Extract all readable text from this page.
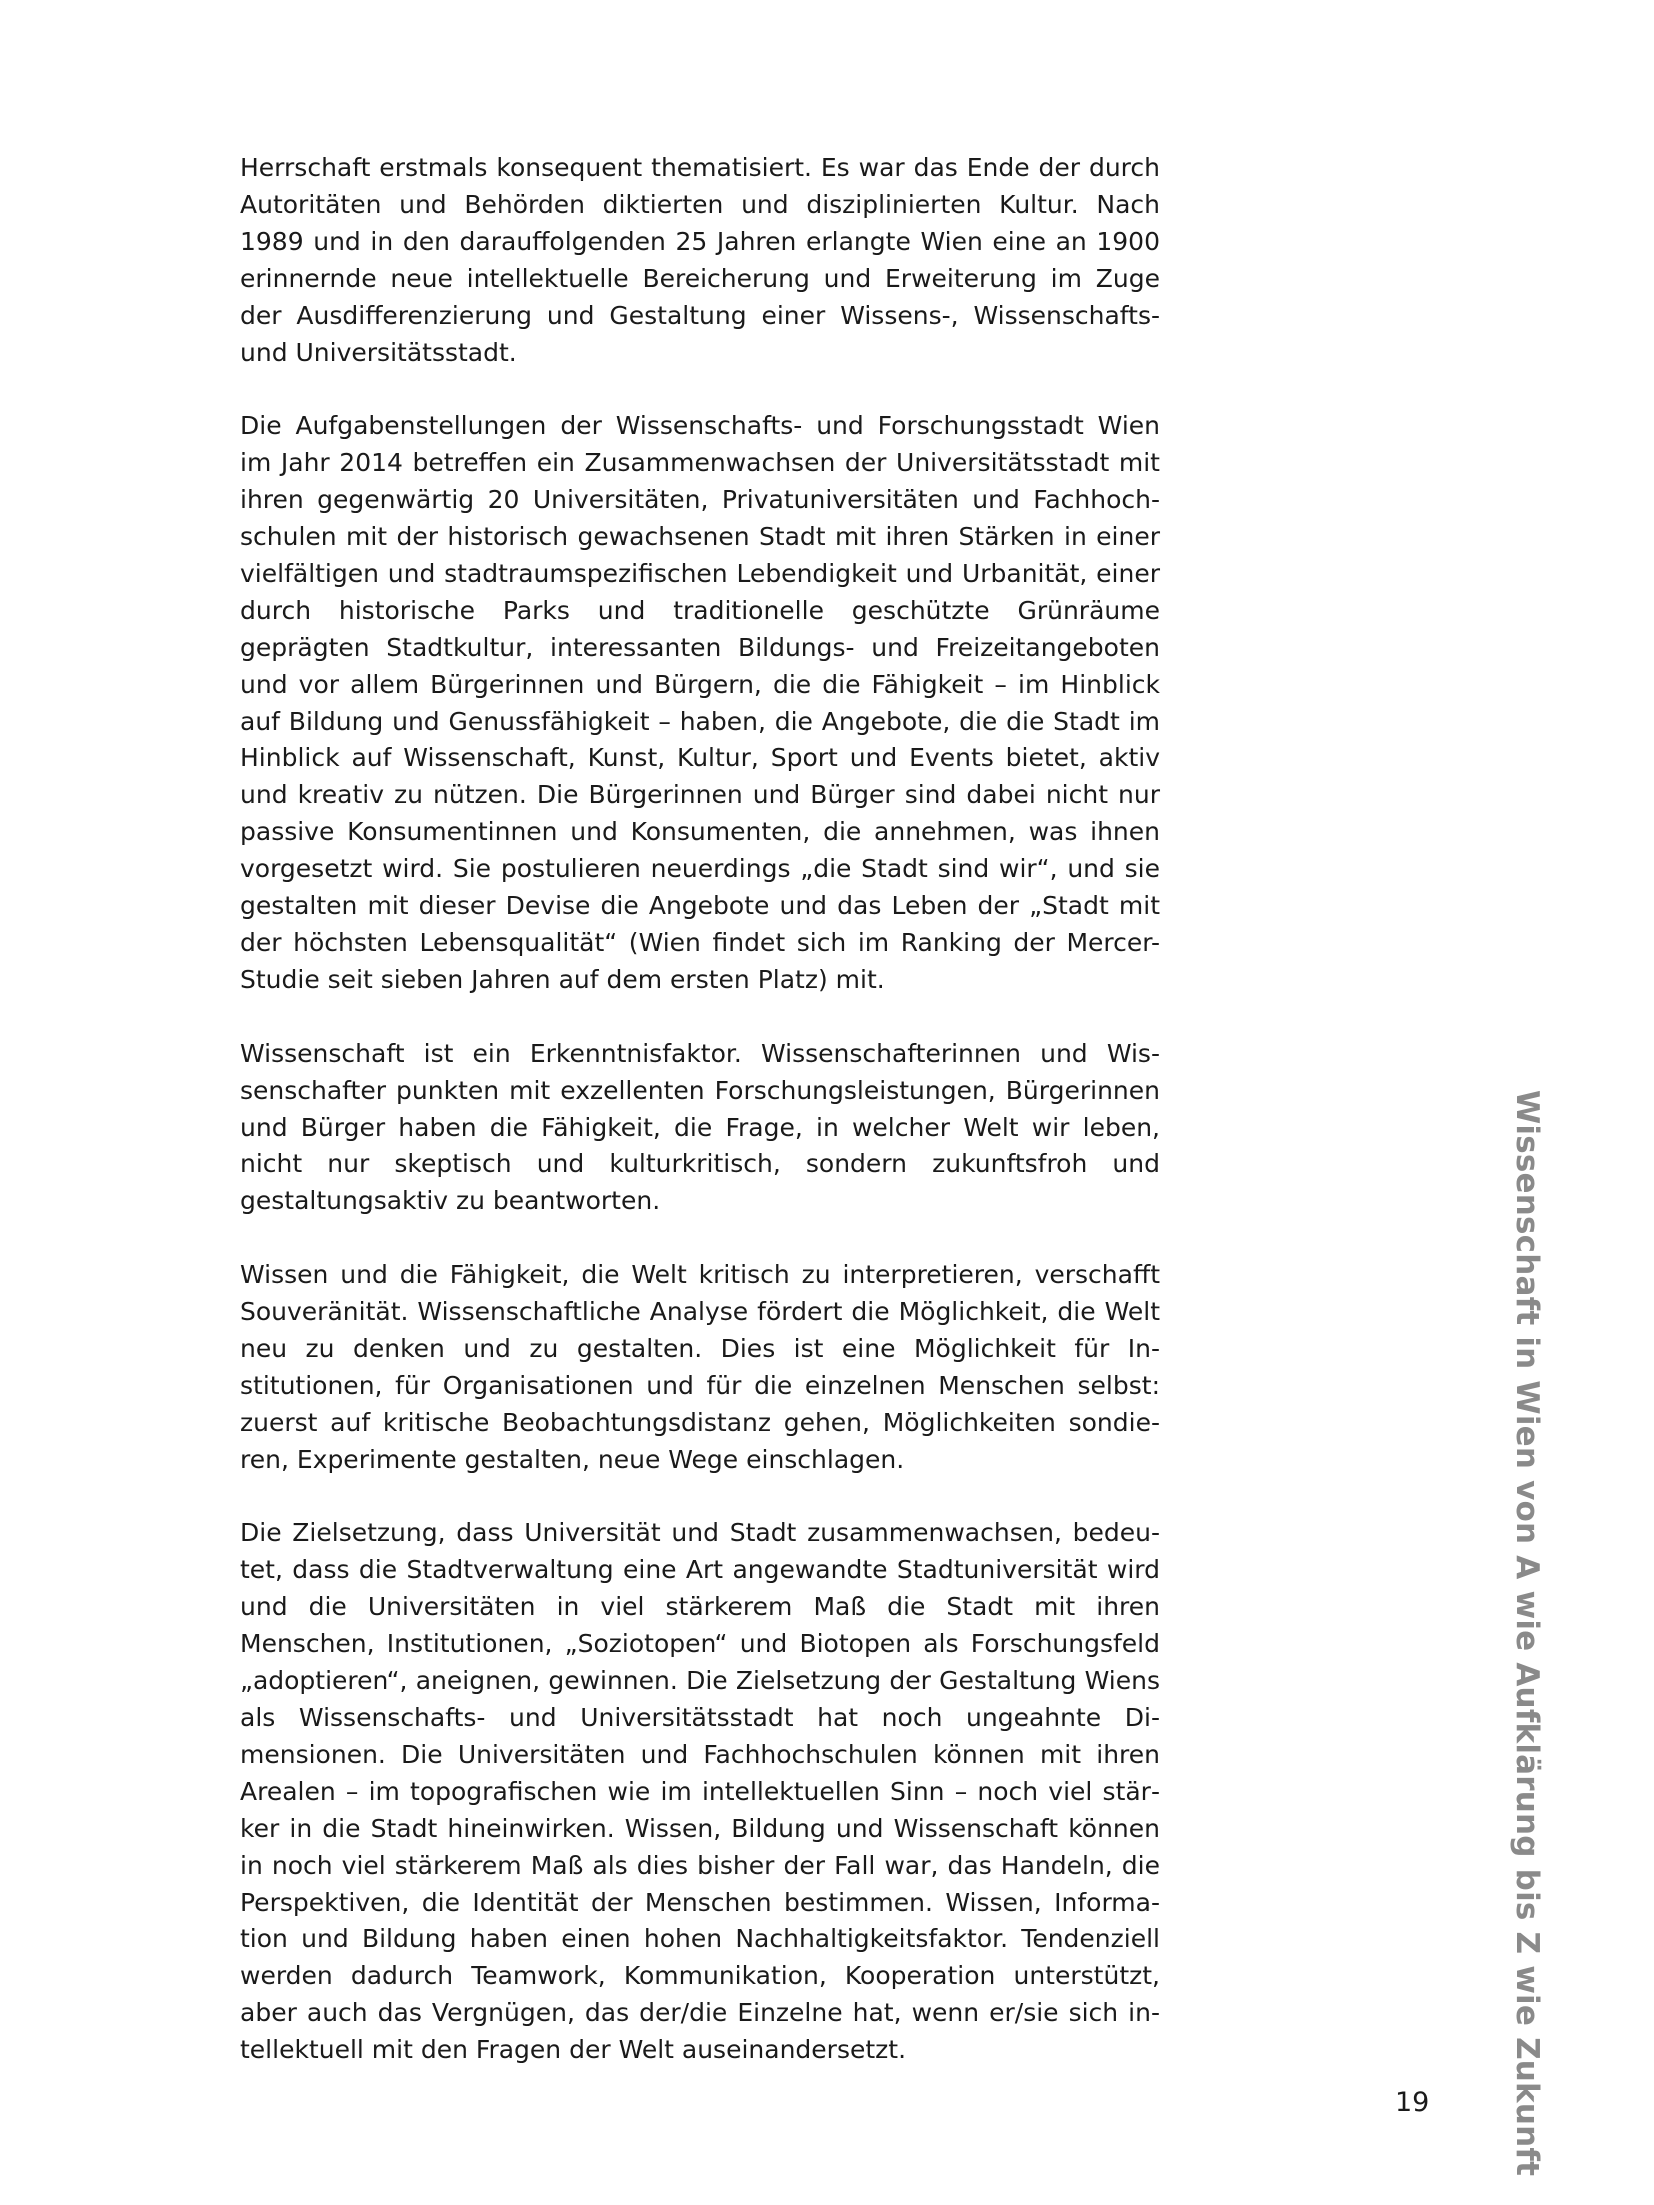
Herrschaft erstmals konsequent thematisiert. Es war das Ende der durch Autoritäten und Behörden diktierten und disziplinierten Kultur. Nach 1989 und in den darauffolgenden 25 Jahren erlangte Wien eine an 1900 erinnernde neue intellektuelle Bereicherung und Erweiterung im Zuge der Ausdifferenzierung und Gestaltung einer Wissens-, Wissenschafts- und Universitätsstadt.

Die Aufgabenstellungen der Wissenschafts- und Forschungsstadt Wien im Jahr 2014 betreffen ein Zusammenwachsen der Universitätsstadt mit ihren gegenwärtig 20 Universitäten, Privatuniversitäten und Fachhochschulen mit der historisch gewachsenen Stadt mit ihren Stärken in einer vielfältigen und stadtraumspezifischen Lebendigkeit und Urbanität, einer durch historische Parks und traditionelle geschützte Grünräume geprägten Stadtkultur, interessanten Bildungs- und Freizeitangeboten und vor allem Bürgerinnen und Bürgern, die die Fähigkeit – im Hinblick auf Bildung und Genussfähigkeit – haben, die Angebote, die die Stadt im Hinblick auf Wissenschaft, Kunst, Kultur, Sport und Events bietet, aktiv und kreativ zu nützen. Die Bürgerinnen und Bürger sind dabei nicht nur passive Konsumentinnen und Konsumenten, die annehmen, was ihnen vorgesetzt wird. Sie postulieren neuerdings „die Stadt sind wir“, und sie gestalten mit dieser Devise die Angebote und das Leben der „Stadt mit der höchsten Lebensqualität“ (Wien findet sich im Ranking der Mercer-Studie seit sieben Jahren auf dem ersten Platz) mit.

Wissenschaft ist ein Erkenntnisfaktor. Wissenschafterinnen und Wissenschafter punkten mit exzellenten Forschungsleistungen, Bürgerinnen und Bürger haben die Fähigkeit, die Frage, in welcher Welt wir leben, nicht nur skeptisch und kulturkritisch, sondern zukunftsfroh und gestaltungsaktiv zu beantworten.

Wissen und die Fähigkeit, die Welt kritisch zu interpretieren, verschafft Souveränität. Wissenschaftliche Analyse fördert die Möglichkeit, die Welt neu zu denken und zu gestalten. Dies ist eine Möglichkeit für Institutionen, für Organisationen und für die einzelnen Menschen selbst: zuerst auf kritische Beobachtungsdistanz gehen, Möglichkeiten sondieren, Experimente gestalten, neue Wege einschlagen.

Die Zielsetzung, dass Universität und Stadt zusammenwachsen, bedeutet, dass die Stadtverwaltung eine Art angewandte Stadtuniversität wird und die Universitäten in viel stärkerem Maß die Stadt mit ihren Menschen, Institutionen, „Soziotopen“ und Biotopen als Forschungsfeld „adoptieren“, aneignen, gewinnen. Die Zielsetzung der Gestaltung Wiens als Wissenschafts- und Universitätsstadt hat noch ungeahnte Dimensionen. Die Universitäten und Fachhochschulen können mit ihren Arealen – im topografischen wie im intellektuellen Sinn – noch viel stärker in die Stadt hineinwirken. Wissen, Bildung und Wissenschaft können in noch viel stärkerem Maß als dies bisher der Fall war, das Handeln, die Perspektiven, die Identität der Menschen bestimmen. Wissen, Information und Bildung haben einen hohen Nachhaltigkeitsfaktor. Tendenziell werden dadurch Teamwork, Kommunikation, Kooperation unterstützt, aber auch das Vergnügen, das der/die Einzelne hat, wenn er/sie sich intellektuell mit den Fragen der Welt auseinandersetzt.	Wissenschaft in Wien von A wie Aufklärung bis Z wie Zukunft
19
